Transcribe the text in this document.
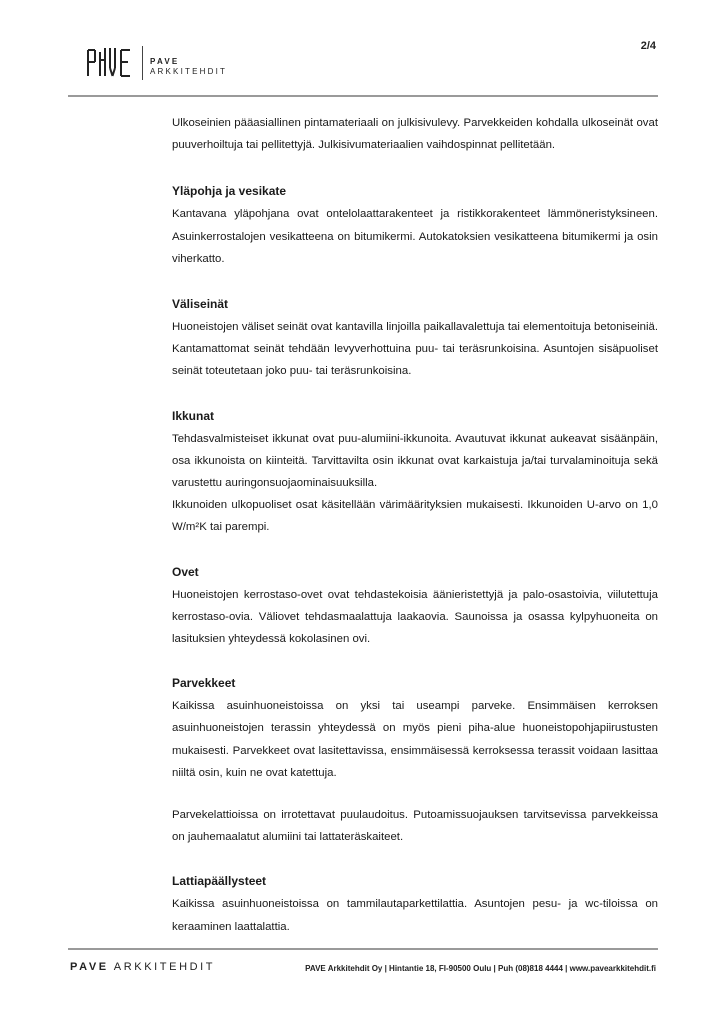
PAVE
ARKKITEHDIT
2/4

Ulkoseinien pääasiallinen pintamateriaali on julkisivulevy. Parvekkeiden kohdalla ulkoseinät ovat puuverhoiltuja tai pellitettyjä. Julkisivumateriaalien vaihdospinnat pellitetään.

Yläpohja ja vesikate

Kantavana yläpohjana ovat ontelolaattarakenteet ja ristikkorakenteet lämmöneristyksineen. Asuinkerrostalojen vesikatteena on bitumikermi. Autokatoksien vesikatteena bitumikermi ja osin viherkatto.

Väliseinät

Huoneistojen väliset seinät ovat kantavilla linjoilla paikallavalettuja tai elementoituja betoniseiniä. Kantamattomat seinät tehdään levyverhottuina puu- tai teräsrunkoisina. Asuntojen sisäpuoliset seinät toteutetaan joko puu- tai teräsrunkoisina.

Ikkunat

Tehdasvalmisteiset ikkunat ovat puu-alumiini-ikkunoita. Avautuvat ikkunat aukeavat sisäänpäin, osa ikkunoista on kiinteitä. Tarvittavilta osin ikkunat ovat karkaistuja ja/tai turvalaminoituja sekä varustettu auringonsuojaominaisuuksilla.

Ikkunoiden ulkopuoliset osat käsitellään värimäärityksien mukaisesti. Ikkunoiden U-arvo on 1,0 W/m²K tai parempi.

Ovet

Huoneistojen kerrostaso-ovet ovat tehdastekoisia äänieristettyjä ja palo-osastoivia, viilutettuja kerrostaso-ovia. Väliovet tehdasmaalattuja laakaovia. Saunoissa ja osassa kylpyhuoneita on lasituksien yhteydessä kokolasinen ovi.

Parvekkeet

Kaikissa asuinhuoneistoissa on yksi tai useampi parveke. Ensimmäisen kerroksen asuinhuoneistojen terassin yhteydessä on myös pieni piha-alue huoneistopohjapiirustusten mukaisesti. Parvekkeet ovat lasitettavissa, ensimmäisessä kerroksessa terassit voidaan lasittaa niiltä osin, kuin ne ovat katettuja.

Parvekelattioissa on irrotettavat puulaudoitus. Putoamissuojauksen tarvitsevissa parvekkeissa on jauhemaalatut alumiini tai lattateräskaiteet.

Lattiapäällysteet

Kaikissa asuinhuoneistoissa on tammilautaparkettilattia. Asuntojen pesu- ja wc-tiloissa on keraaminen laattalattia.

PAVE ARKKITEHDIT	PAVE Arkkitehdit Oy | Hintantie 18, FI-90500 Oulu | Puh (08)818 4444 | www.pavearkkitehdit.fi
